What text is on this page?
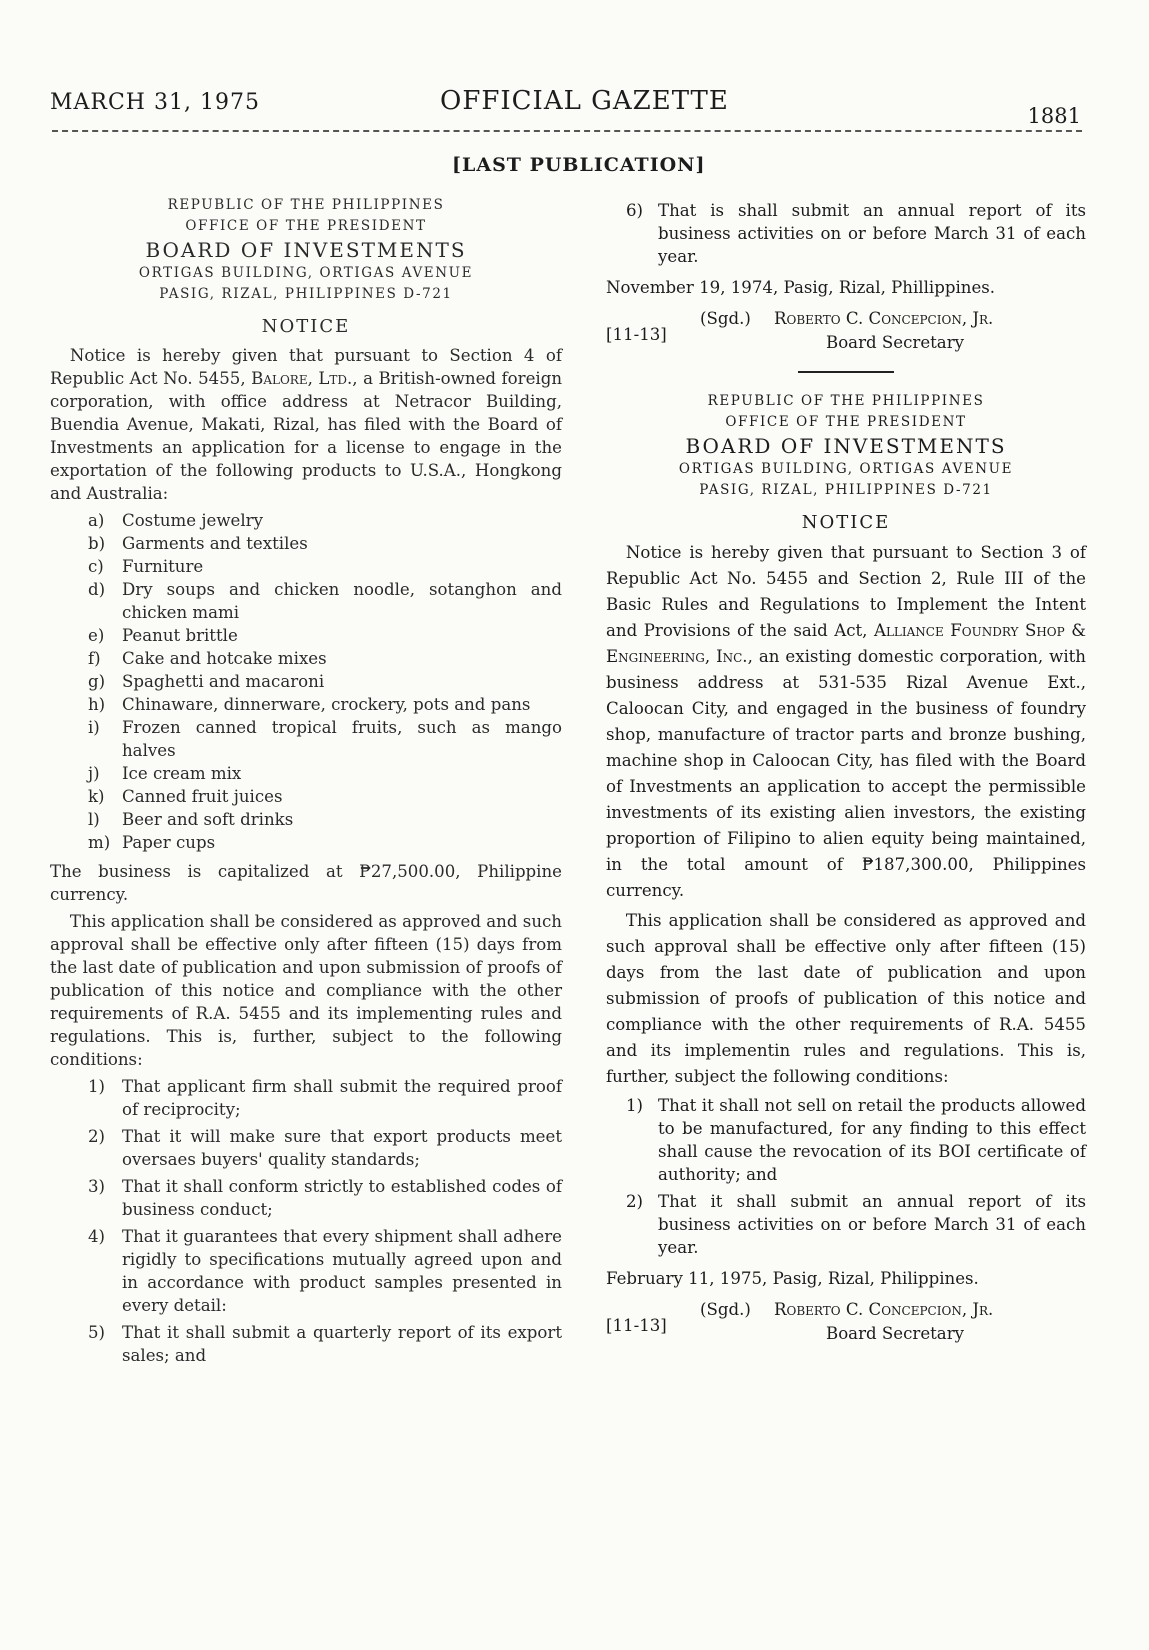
MARCH 31, 1975	OFFICIAL GAZETTE	1881
[LAST PUBLICATION]
REPUBLIC OF THE PHILIPPINES
OFFICE OF THE PRESIDENT
BOARD OF INVESTMENTS
ORTIGAS BUILDING, ORTIGAS AVENUE
PASIG, RIZAL, PHILIPPINES D-721
NOTICE

Notice is hereby given that pursuant to Section 4 of Republic Act No. 5455, Balore, Ltd., a British-owned foreign corporation, with office address at Netracor Building, Buendia Avenue, Makati, Rizal, has filed with the Board of Investments an application for a license to engage in the exportation of the following products to U.S.A., Hongkong and Australia:

a) Costume jewelry
b) Garments and textiles
c) Furniture
d) Dry soups and chicken noodle, sotanghon and chicken mami
e) Peanut brittle
f) Cake and hotcake mixes
g) Spaghetti and macaroni
h) Chinaware, dinnerware, crockery, pots and pans
i) Frozen canned tropical fruits, such as mango halves
j) Ice cream mix
k) Canned fruit juices
l) Beer and soft drinks
m) Paper cups

The business is capitalized at ₱27,500.00, Philippine currency.

This application shall be considered as approved and such approval shall be effective only after fifteen (15) days from the last date of publication and upon submission of proofs of publication of this notice and compliance with the other requirements of R.A. 5455 and its implementing rules and regulations. This is, further, subject to the following conditions:

1) That applicant firm shall submit the required proof of reciprocity;
2) That it will make sure that export products meet oversaes buyers' quality standards;
3) That it shall conform strictly to established codes of business conduct;
4) That it guarantees that every shipment shall adhere rigidly to specifications mutually agreed upon and in accordance with product samples presented in every detail:
5) That it shall submit a quarterly report of its export sales; and
6) That is shall submit an annual report of its business activities on or before March 31 of each year.

November 19, 1974, Pasig, Rizal, Phillippines.

(Sgd.) Roberto C. Concepcion, Jr.
Board Secretary
[11-13]
REPUBLIC OF THE PHILIPPINES
OFFICE OF THE PRESIDENT
BOARD OF INVESTMENTS
ORTIGAS BUILDING, ORTIGAS AVENUE
PASIG, RIZAL, PHILIPPINES D-721
NOTICE

Notice is hereby given that pursuant to Section 3 of Republic Act No. 5455 and Section 2, Rule III of the Basic Rules and Regulations to Implement the Intent and Provisions of the said Act, Alliance Foundry Shop & Engineering, Inc., an existing domestic corporation, with business address at 531-535 Rizal Avenue Ext., Caloocan City, and engaged in the business of foundry shop, manufacture of tractor parts and bronze bushing, machine shop in Caloocan City, has filed with the Board of Investments an application to accept the permissible investments of its existing alien investors, the existing proportion of Filipino to alien equity being maintained, in the total amount of ₱187,300.00, Philippines currency.

This application shall be considered as approved and such approval shall be effective only after fifteen (15) days from the last date of publication and upon submission of proofs of publication of this notice and compliance with the other requirements of R.A. 5455 and its implementin rules and regulations. This is, further, subject the following conditions:

1) That it shall not sell on retail the products allowed to be manufactured, for any finding to this effect shall cause the revocation of its BOI certificate of authority; and
2) That it shall submit an annual report of its business activities on or before March 31 of each year.

February 11, 1975, Pasig, Rizal, Philippines.

(Sgd.) Roberto C. Concepcion, Jr.
Board Secretary
[11-13]
